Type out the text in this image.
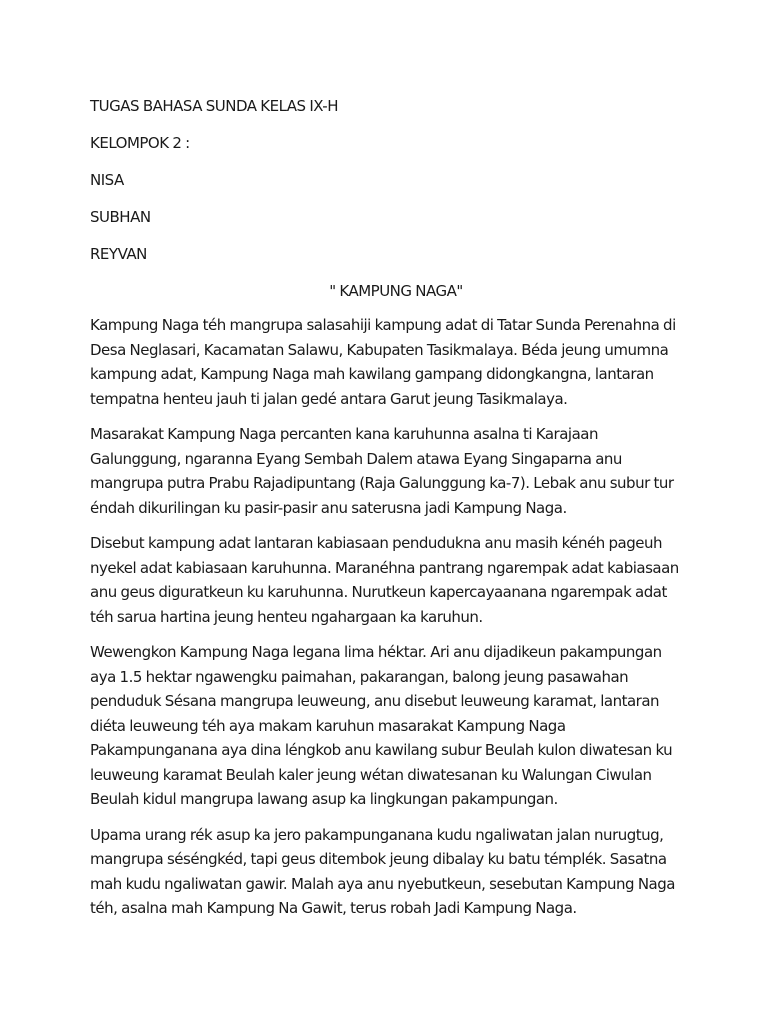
TUGAS BAHASA SUNDA KELAS IX-H
KELOMPOK 2 :
NISA
SUBHAN
REYVAN
" KAMPUNG NAGA"

Kampung Naga téh mangrupa salasahiji kampung adat di Tatar Sunda Perenahna di Desa Neglasari, Kacamatan Salawu, Kabupaten Tasikmalaya. Béda jeung umumna kampung adat, Kampung Naga mah kawilang gampang didongkangna, lantaran tempatna henteu jauh ti jalan gedé antara Garut jeung Tasikmalaya.

Masarakat Kampung Naga percanten kana karuhunna asalna ti Karajaan Galunggung, ngaranna Eyang Sembah Dalem atawa Eyang Singaparna anu mangrupa putra Prabu Rajadipuntang (Raja Galunggung ka-7). Lebak anu subur tur éndah dikurilingan ku pasir-pasir anu saterusna jadi Kampung Naga.

Disebut kampung adat lantaran kabiasaan pendudukna anu masih kénéh pageuh nyekel adat kabiasaan karuhunna. Maranéhna pantrang ngarempak adat kabiasaan anu geus diguratkeun ku karuhunna. Nurutkeun kapercayaanana ngarempak adat téh sarua hartina jeung henteu ngahargaan ka karuhun.

Wewengkon Kampung Naga legana lima héktar. Ari anu dijadikeun pakampungan aya 1.5 hektar ngawengku paimahan, pakarangan, balong jeung pasawahan penduduk Sésana mangrupa leuweung, anu disebut leuweung karamat, lantaran diéta leuweung téh aya makam karuhun masarakat Kampung Naga Pakampunganana aya dina léngkob anu kawilang subur Beulah kulon diwatesan ku leuweung karamat Beulah kaler jeung wétan diwatesanan ku Walungan Ciwulan Beulah kidul mangrupa lawang asup ka lingkungan pakampungan.

Upama urang rék asup ka jero pakampunganana kudu ngaliwatan jalan nurugtug, mangrupa séséngkéd, tapi geus ditembok jeung dibalay ku batu témplék. Sasatna mah kudu ngaliwatan gawir. Malah aya anu nyebutkeun, sesebutan Kampung Naga téh, asalna mah Kampung Na Gawit, terus robah Jadi Kampung Naga.
